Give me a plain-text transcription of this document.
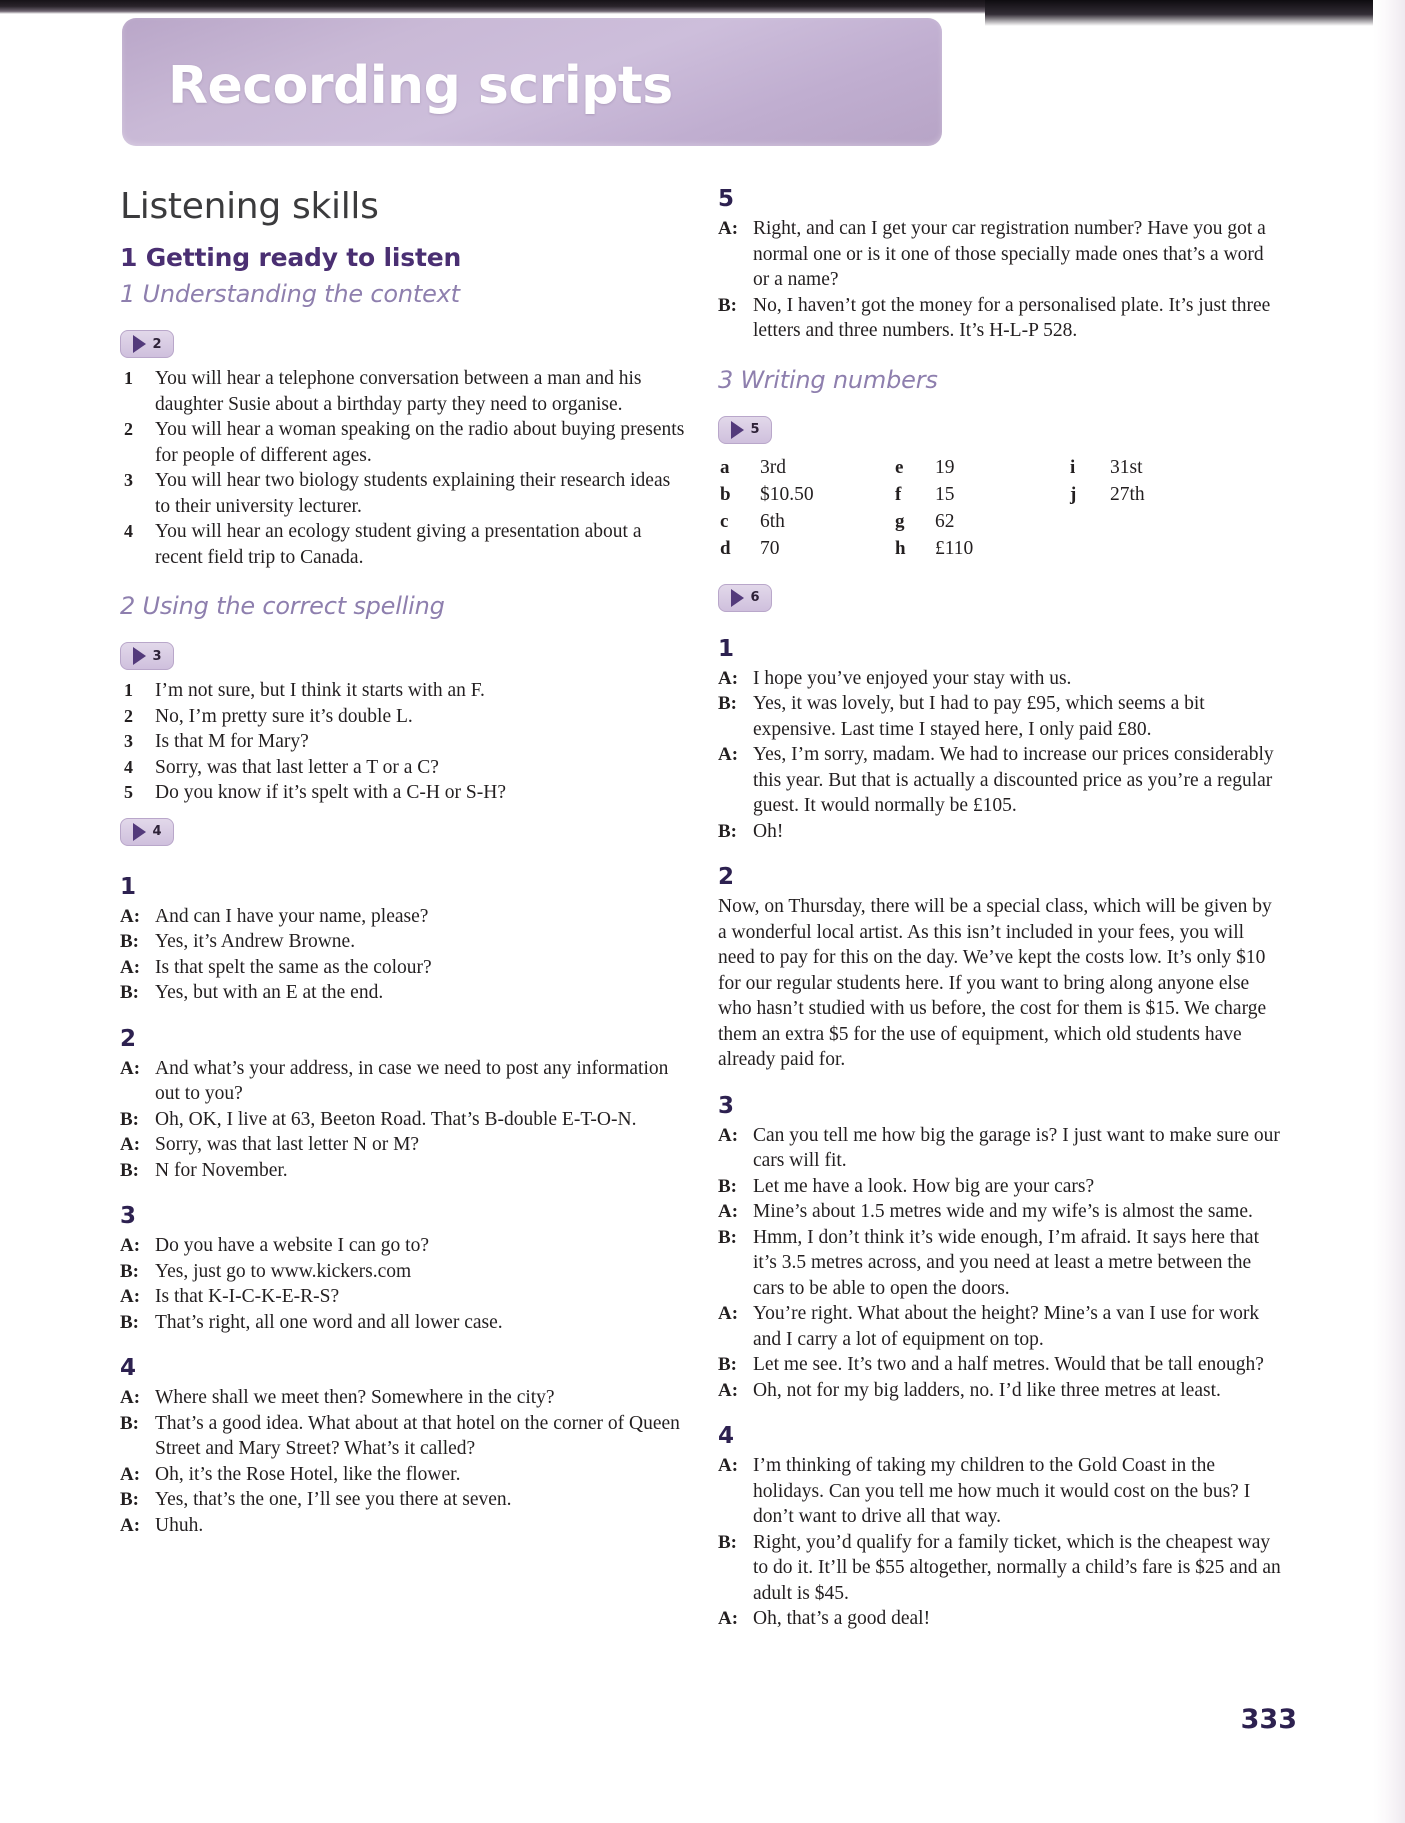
Recording scripts
Listening skills
1 Getting ready to listen
1 Understanding the context
2
1 You will hear a telephone conversation between a man and his daughter Susie about a birthday party they need to organise.
2 You will hear a woman speaking on the radio about buying presents for people of different ages.
3 You will hear two biology students explaining their research ideas to their university lecturer.
4 You will hear an ecology student giving a presentation about a recent field trip to Canada.
2 Using the correct spelling
3
1 I’m not sure, but I think it starts with an F.
2 No, I’m pretty sure it’s double L.
3 Is that M for Mary?
4 Sorry, was that last letter a T or a C?
5 Do you know if it’s spelt with a C-H or S-H?
4
1
A: And can I have your name, please?
B: Yes, it’s Andrew Browne.
A: Is that spelt the same as the colour?
B: Yes, but with an E at the end.
2
A: And what’s your address, in case we need to post any information out to you?
B: Oh, OK, I live at 63, Beeton Road. That’s B-double E-T-O-N.
A: Sorry, was that last letter N or M?
B: N for November.
3
A: Do you have a website I can go to?
B: Yes, just go to www.kickers.com
A: Is that K-I-C-K-E-R-S?
B: That’s right, all one word and all lower case.
4
A: Where shall we meet then? Somewhere in the city?
B: That’s a good idea. What about at that hotel on the corner of Queen Street and Mary Street? What’s it called?
A: Oh, it’s the Rose Hotel, like the flower.
B: Yes, that’s the one, I’ll see you there at seven.
A: Uhuh.
5
A: Right, and can I get your car registration number? Have you got a normal one or is it one of those specially made ones that’s a word or a name?
B: No, I haven’t got the money for a personalised plate. It’s just three letters and three numbers. It’s H-L-P 528.
3 Writing numbers
5
a 3rd	e 19	i 31st
b $10.50	f 15	j 27th
c 6th	g 62
d 70	h £110
6
1
A: I hope you’ve enjoyed your stay with us.
B: Yes, it was lovely, but I had to pay £95, which seems a bit expensive. Last time I stayed here, I only paid £80.
A: Yes, I’m sorry, madam. We had to increase our prices considerably this year. But that is actually a discounted price as you’re a regular guest. It would normally be £105.
B: Oh!
2

Now, on Thursday, there will be a special class, which will be given by a wonderful local artist. As this isn’t included in your fees, you will need to pay for this on the day. We’ve kept the costs low. It’s only $10 for our regular students here. If you want to bring along anyone else who hasn’t studied with us before, the cost for them is $15. We charge them an extra $5 for the use of equipment, which old students have already paid for.

3
A: Can you tell me how big the garage is? I just want to make sure our cars will fit.
B: Let me have a look. How big are your cars?
A: Mine’s about 1.5 metres wide and my wife’s is almost the same.
B: Hmm, I don’t think it’s wide enough, I’m afraid. It says here that it’s 3.5 metres across, and you need at least a metre between the cars to be able to open the doors.
A: You’re right. What about the height? Mine’s a van I use for work and I carry a lot of equipment on top.
B: Let me see. It’s two and a half metres. Would that be tall enough?
A: Oh, not for my big ladders, no. I’d like three metres at least.
4
A: I’m thinking of taking my children to the Gold Coast in the holidays. Can you tell me how much it would cost on the bus? I don’t want to drive all that way.
B: Right, you’d qualify for a family ticket, which is the cheapest way to do it. It’ll be $55 altogether, normally a child’s fare is $25 and an adult is $45.
A: Oh, that’s a good deal!
333
